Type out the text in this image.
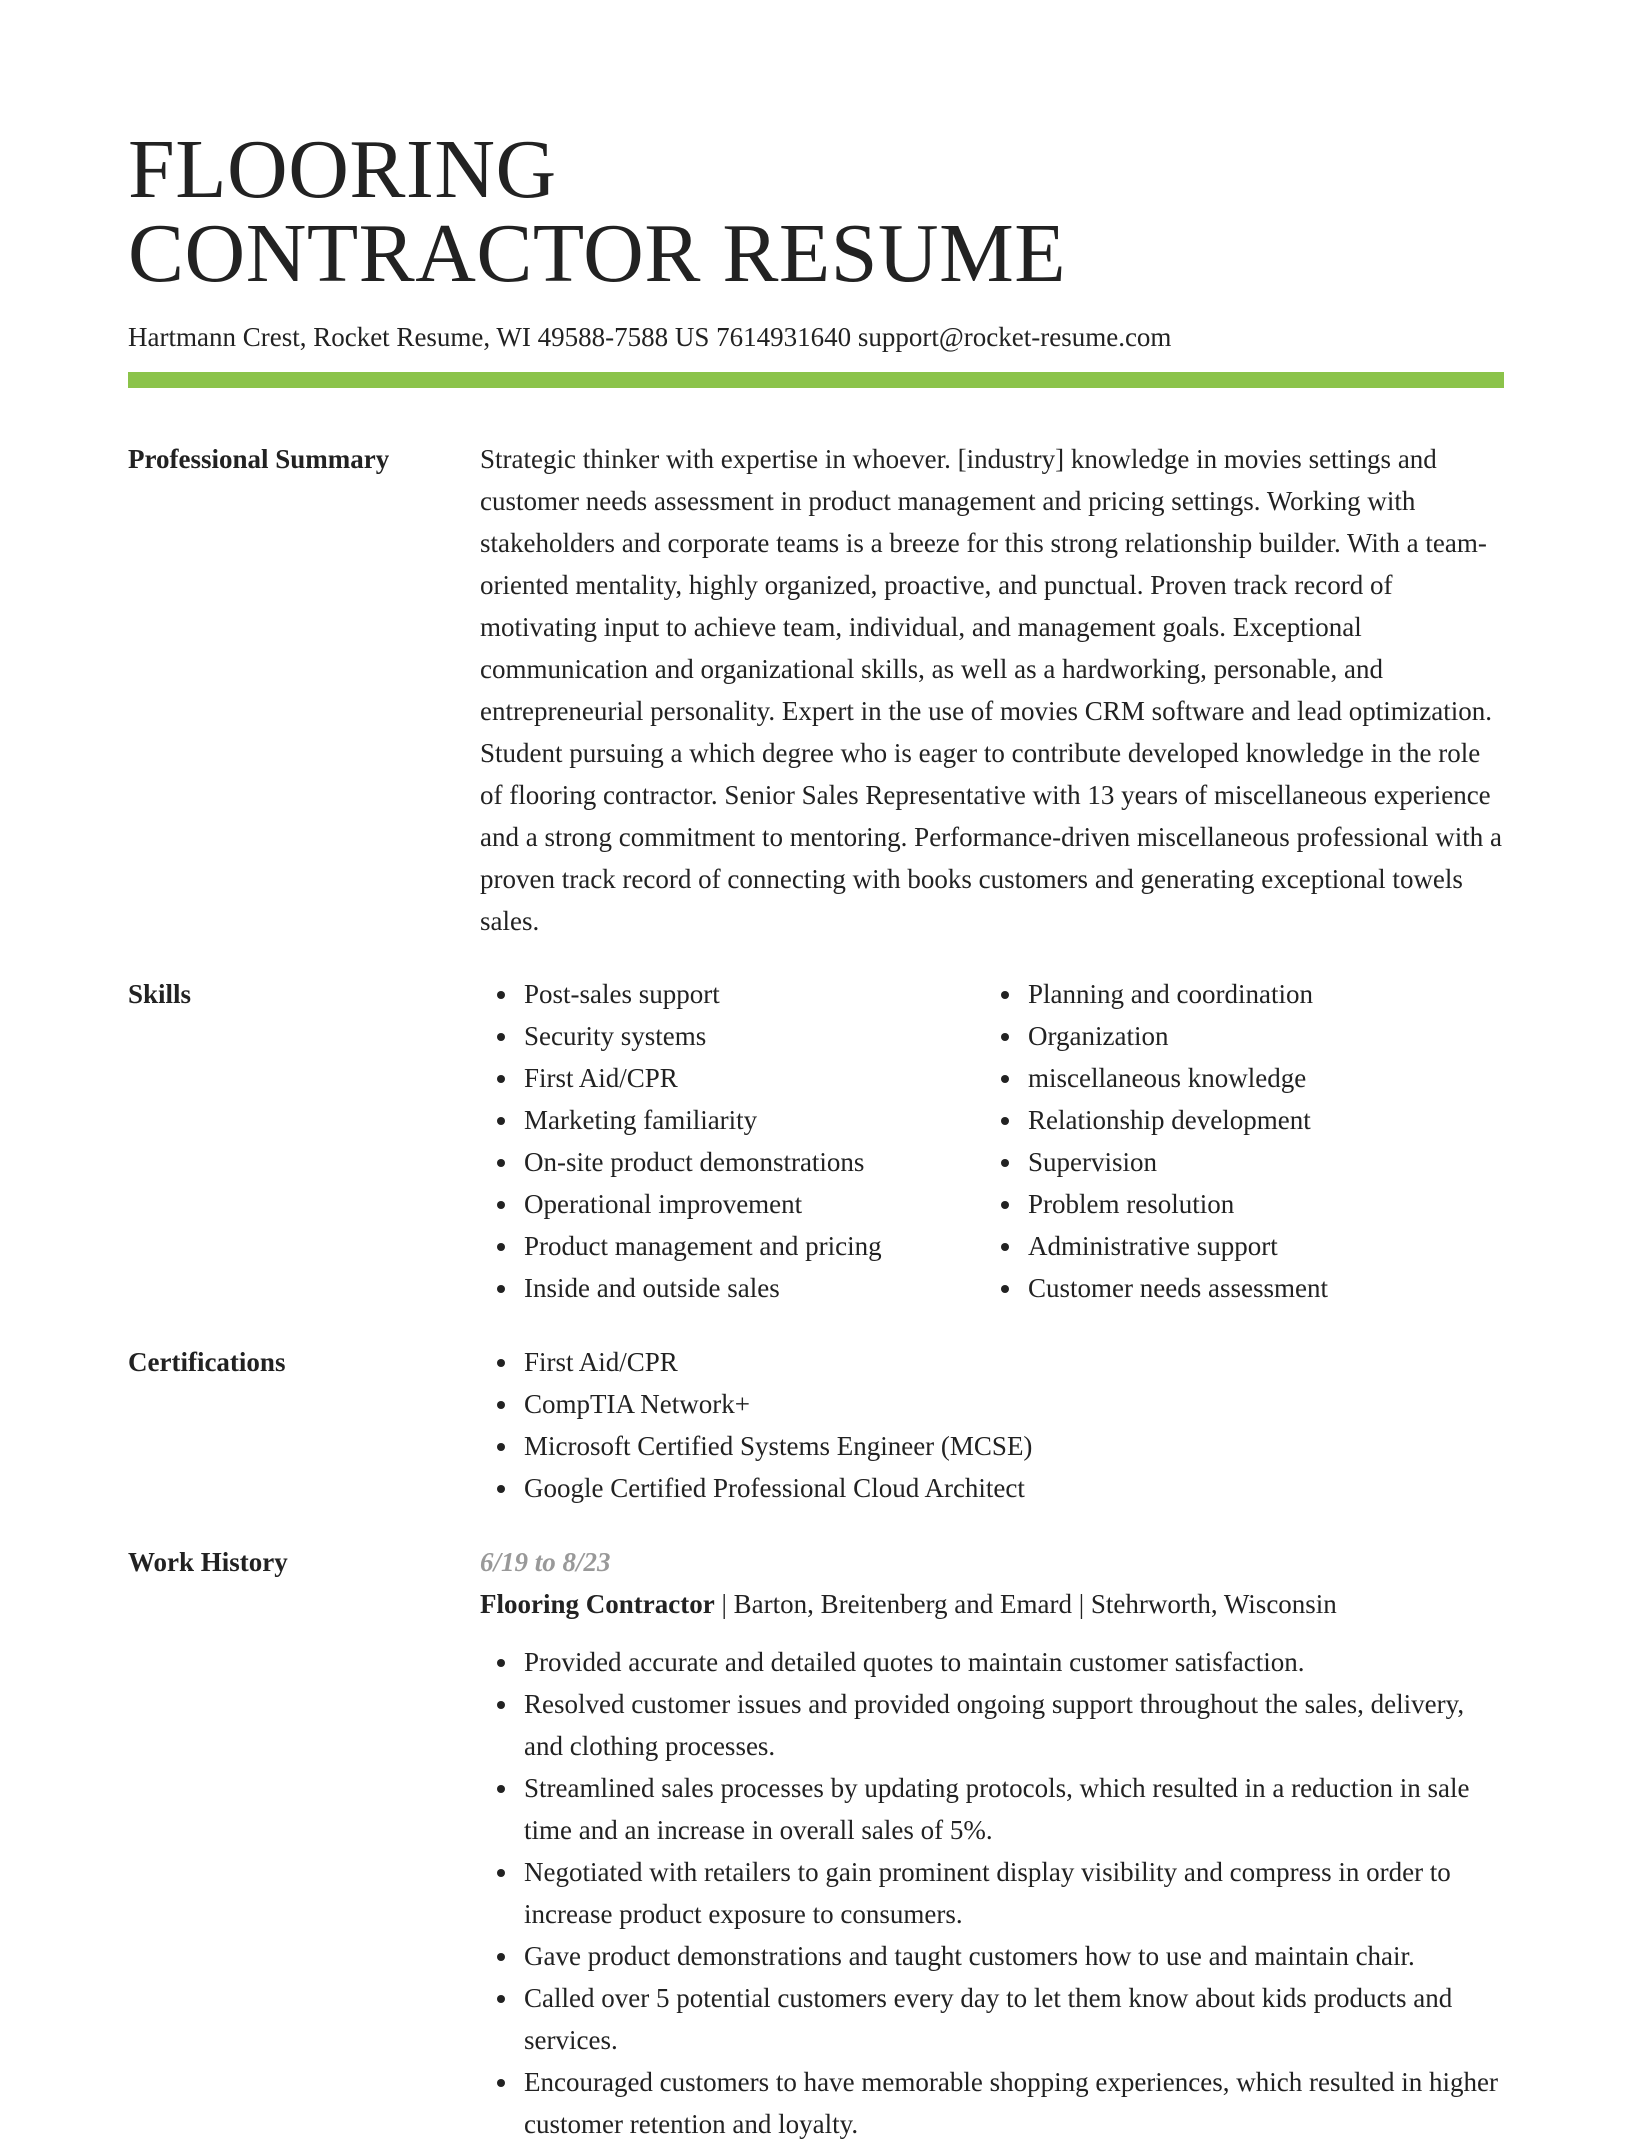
FLOORING
CONTRACTOR RESUME
Hartmann Crest, Rocket Resume, WI 49588-7588 US 7614931640 support@rocket-resume.com
Professional Summary	Strategic thinker with expertise in whoever. [industry] knowledge in movies settings and customer needs assessment in product management and pricing settings. Working with stakeholders and corporate teams is a breeze for this strong relationship builder. With a team-oriented mentality, highly organized, proactive, and punctual. Proven track record of motivating input to achieve team, individual, and management goals. Exceptional communication and organizational skills, as well as a hardworking, personable, and entrepreneurial personality. Expert in the use of movies CRM software and lead optimization. Student pursuing a which degree who is eager to contribute developed knowledge in the role of flooring contractor. Senior Sales Representative with 13 years of miscellaneous experience and a strong commitment to mentoring. Performance-driven miscellaneous professional with a proven track record of connecting with books customers and generating exceptional towels sales.

Skills	Post-sales support
Security systems
First Aid/CPR
Marketing familiarity
On-site product demonstrations
Operational improvement
Product management and pricing
Inside and outside sales
Planning and coordination
Organization
miscellaneous knowledge
Relationship development
Supervision
Problem resolution
Administrative support
Customer needs assessment
Certifications	First Aid/CPR
CompTIA Network+
Microsoft Certified Systems Engineer (MCSE)
Google Certified Professional Cloud Architect
Work History	6/19 to 8/23
Flooring Contractor | Barton, Breitenberg and Emard | Stehrworth, Wisconsin
Provided accurate and detailed quotes to maintain customer satisfaction.
Resolved customer issues and provided ongoing support throughout the sales, delivery, and clothing processes.
Streamlined sales processes by updating protocols, which resulted in a reduction in sale time and an increase in overall sales of 5%.
Negotiated with retailers to gain prominent display visibility and compress in order to increase product exposure to consumers.
Gave product demonstrations and taught customers how to use and maintain chair.
Called over 5 potential customers every day to let them know about kids products and services.
Encouraged customers to have memorable shopping experiences, which resulted in higher customer retention and loyalty.
